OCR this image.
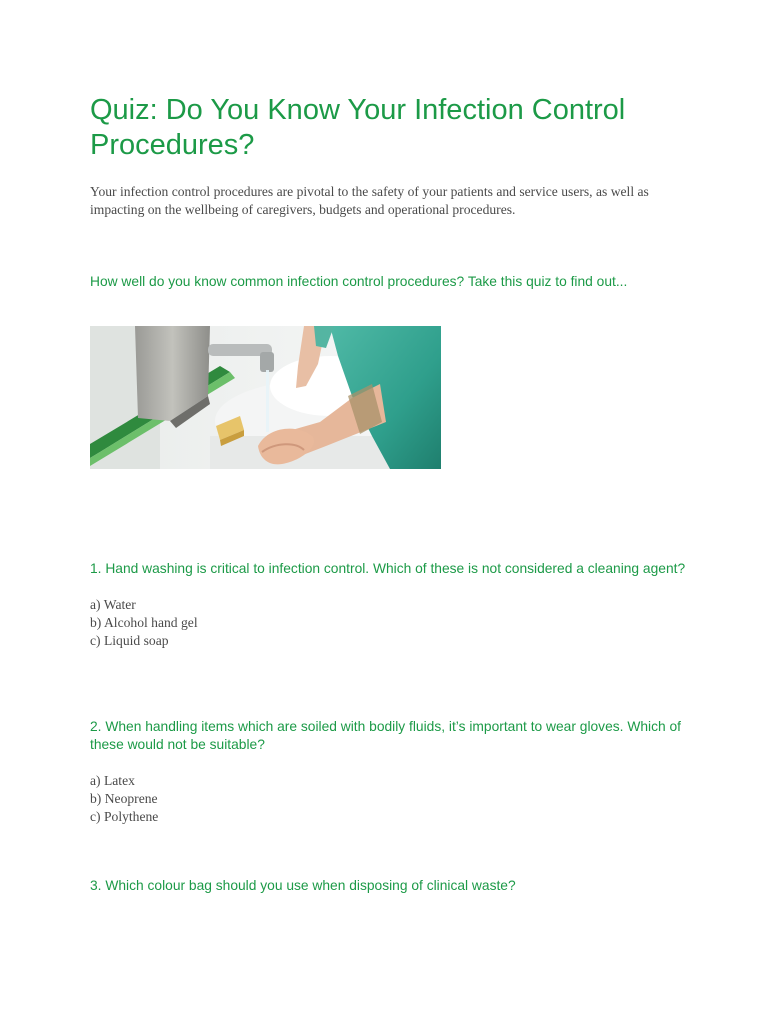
Quiz: Do You Know Your Infection Control Procedures?

Your infection control procedures are pivotal to the safety of your patients and service users, as well as impacting on the wellbeing of caregivers, budgets and operational procedures.

How well do you know common infection control procedures? Take this quiz to find out...

1. Hand washing is critical to infection control. Which of these is not considered a cleaning agent?

a) Water
b) Alcohol hand gel
c) Liquid soap

2. When handling items which are soiled with bodily fluids, it’s important to wear gloves. Which of these would not be suitable?

a) Latex
b) Neoprene
c) Polythene

3. Which colour bag should you use when disposing of clinical waste?
